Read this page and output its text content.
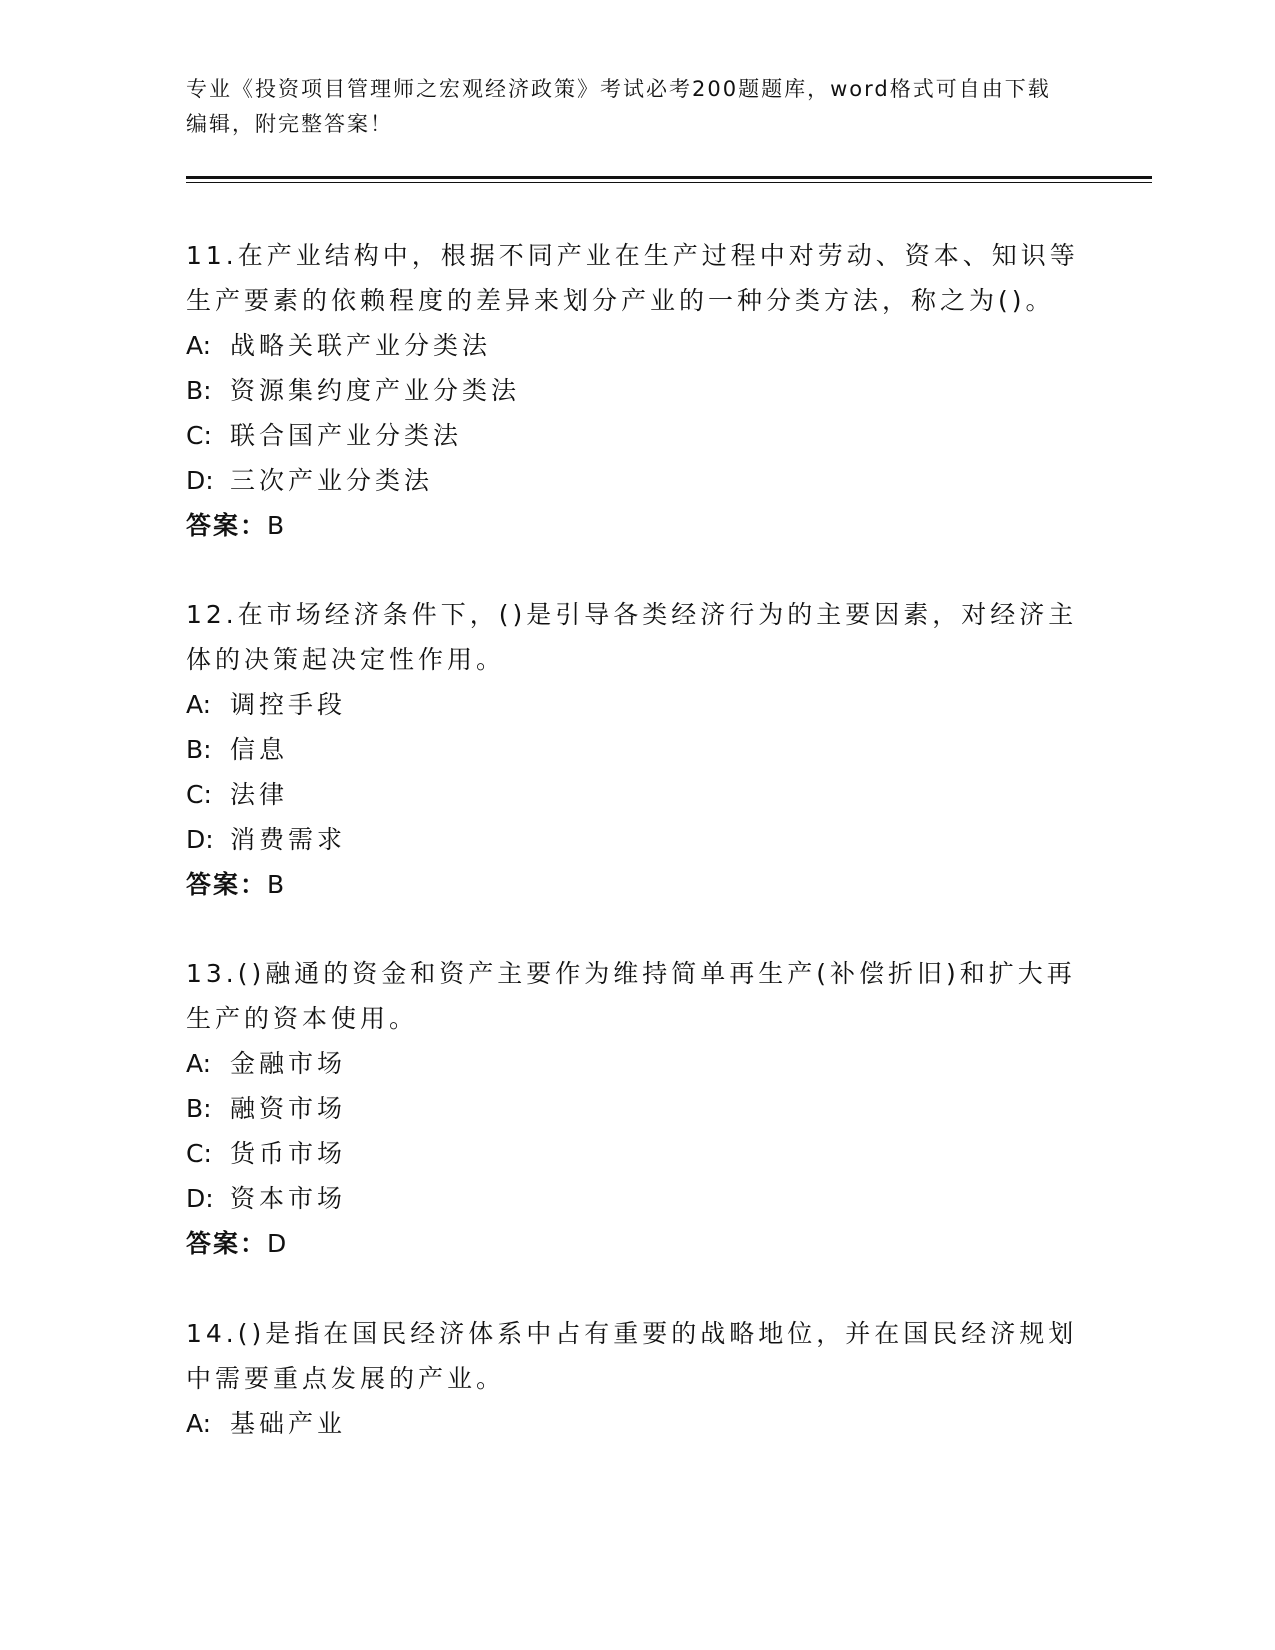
专业《投资项目管理师之宏观经济政策》考试必考200题题库，word格式可自由下载编辑，附完整答案！

11.在产业结构中，根据不同产业在生产过程中对劳动、资本、知识等生产要素的依赖程度的差异来划分产业的一种分类方法，称之为()。

A: 战略关联产业分类法

B: 资源集约度产业分类法

C: 联合国产业分类法

D: 三次产业分类法

答案：B

12.在市场经济条件下，()是引导各类经济行为的主要因素，对经济主体的决策起决定性作用。

A: 调控手段

B: 信息

C: 法律

D: 消费需求

答案：B

13.()融通的资金和资产主要作为维持简单再生产(补偿折旧)和扩大再生产的资本使用。

A: 金融市场

B: 融资市场

C: 货币市场

D: 资本市场

答案：D

14.()是指在国民经济体系中占有重要的战略地位，并在国民经济规划中需要重点发展的产业。

A: 基础产业
